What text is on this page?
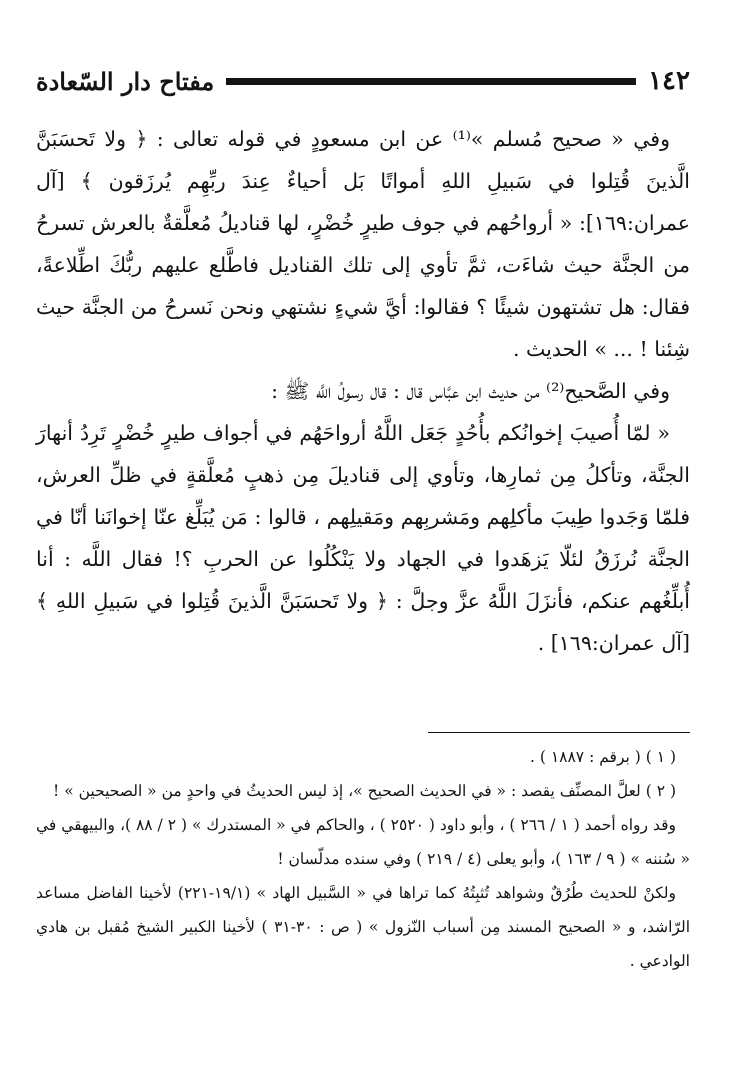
١٤٢
مفتاح دار السّعادة

وفي « صحيح مُسلم »⁽¹⁾ عن ابن مسعودٍ في قوله تعالى : ﴿ ولا تَحسَبَنَّ الَّذينَ قُتِلوا في سَبيلِ اللهِ أمواتًا بَل أحياءٌ عِندَ ربِّهِم يُرزَقون ﴾ [آل عمران:١٦٩]: « أرواحُهم في جوف طيرٍ خُضْرٍ، لها قناديلُ مُعلَّقةٌ بالعرش تسرحُ من الجنَّة حيث شاءَت، ثمَّ تأوي إلى تلك القناديل فاطَّلع عليهم ربُّكَ اطِّلاعةً، فقال: هل تشتهون شيئًا ؟ فقالوا: أيَّ شيءٍ نشتهي ونحن نَسرحُ من الجنَّة حيث شِئنا ! ... » الحديث .

وفي الصَّحيح⁽²⁾ من حديث ابن عبَّاس قال : قال رسولُ اللَّه ﷺ :

« لمّا أُصيبَ إخوانُكم بأُحُدٍ جَعَل اللَّهُ أرواحَهُم في أجواف طيرٍ خُضْرٍ تَرِدُ أنهارَ الجنَّة، وتأكلُ مِن ثمارِها، وتأوي إلى قناديلَ مِن ذهبٍ مُعلَّقةٍ في ظلِّ العرش، فلمّا وَجَدوا طِيبَ مأكلِهم ومَشربِهم ومَقيلِهم ، قالوا : مَن يُبَلِّغ عنّا إخوانَنا أنّا في الجنَّة نُرزَقُ لئلّا يَزهَدوا في الجهاد ولا يَنْكُلُوا عن الحربِ ؟! فقال اللَّه : أنا أُبلِّغُهم عنكم، فأنزَلَ اللَّهُ عزَّ وجلَّ : ﴿ ولا تَحسَبَنَّ الَّذينَ قُتِلوا في سَبيلِ اللهِ ﴾ [آل عمران:١٦٩] .

( ١ ) ( برقم : ١٨٨٧ ) .

( ٢ ) لعلَّ المصنِّف يقصد : « في الحديث الصحيح »، إذ ليس الحديثُ في واحدٍ من « الصحيحين » !

وقد رواه أحمد ( ١ / ٢٦٦ ) ، وأبو داود ( ٢٥٢٠ ) ، والحاكم في « المستدرك » ( ٢ / ٨٨ )، والبيهقي في « سُننه » ( ٩ / ١٦٣ )، وأبو يعلى (٤ / ٢١٩ ) وفي سنده مدلّسان !

ولكنْ للحديث طُرُقٌ وشواهد تُثبِتُهُ كما تراها في « السَّبيل الهاد » (١٩/١-٢٢١) لأخينا الفاضل مساعد الرّاشد، و « الصحيح المسند مِن أسباب النّزول » ( ص : ٣٠-٣١ ) لأخينا الكبير الشيخ مُقبل بن هادي الوادعي .
